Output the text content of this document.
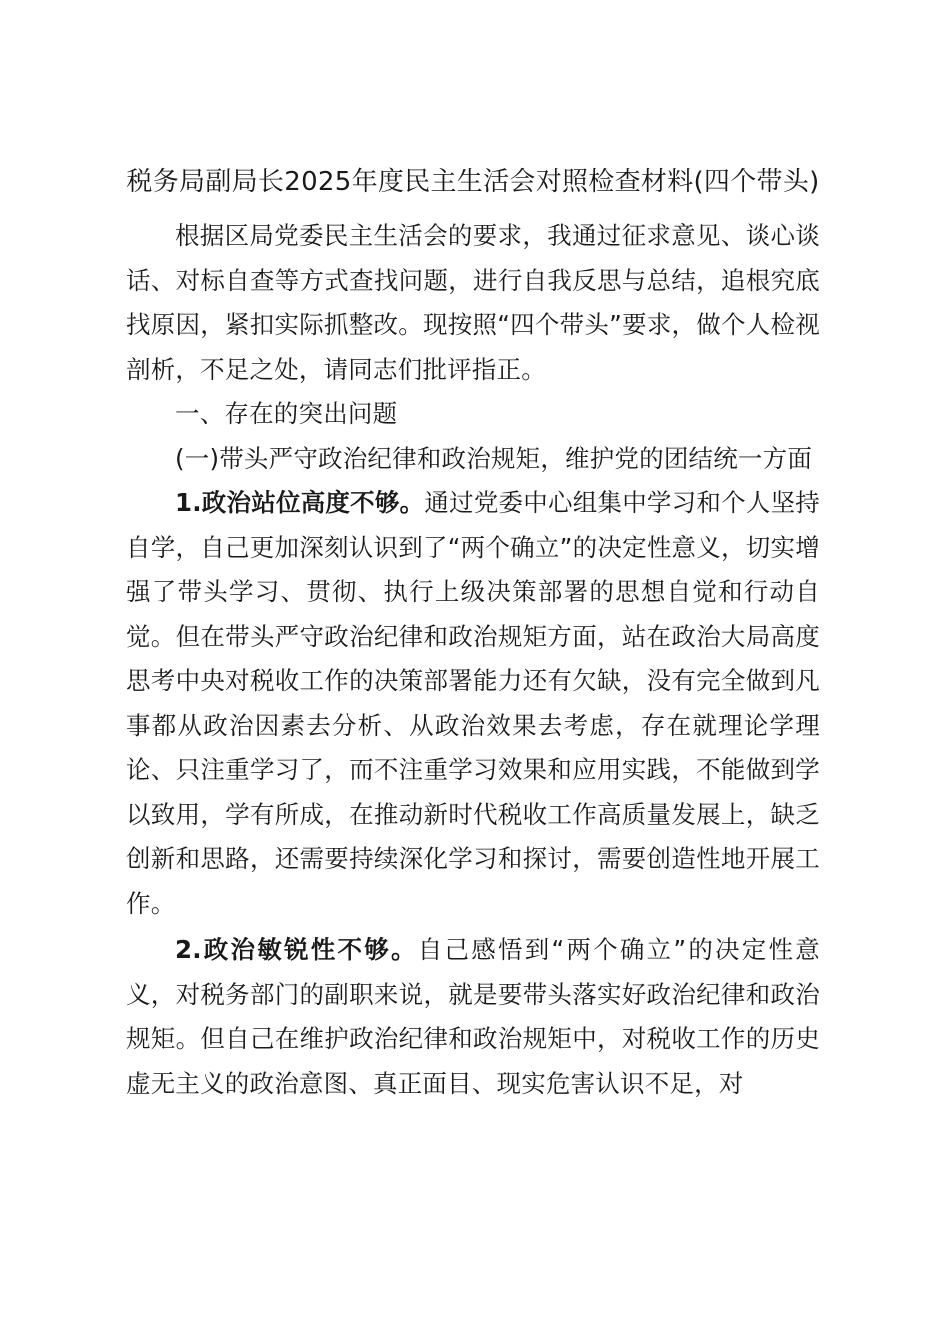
税务局副局长2025年度民主生活会对照检查材料(四个带头)

根据区局党委民主生活会的要求，我通过征求意见、谈心谈话、对标自查等方式查找问题，进行自我反思与总结，追根究底找原因，紧扣实际抓整改。现按照“四个带头”要求，做个人检视剖析，不足之处，请同志们批评指正。

一、存在的突出问题

(一)带头严守政治纪律和政治规矩，维护党的团结统一方面

1.政治站位高度不够。通过党委中心组集中学习和个人坚持自学，自己更加深刻认识到了“两个确立”的决定性意义，切实增强了带头学习、贯彻、执行上级决策部署的思想自觉和行动自觉。但在带头严守政治纪律和政治规矩方面，站在政治大局高度思考中央对税收工作的决策部署能力还有欠缺，没有完全做到凡事都从政治因素去分析、从政治效果去考虑，存在就理论学理论、只注重学习了，而不注重学习效果和应用实践，不能做到学以致用，学有所成，在推动新时代税收工作高质量发展上，缺乏创新和思路，还需要持续深化学习和探讨，需要创造性地开展工作。

2.政治敏锐性不够。自己感悟到“两个确立”的决定性意义，对税务部门的副职来说，就是要带头落实好政治纪律和政治规矩。但自己在维护政治纪律和政治规矩中，对税收工作的历史虚无主义的政治意图、真正面目、现实危害认识不足，对
